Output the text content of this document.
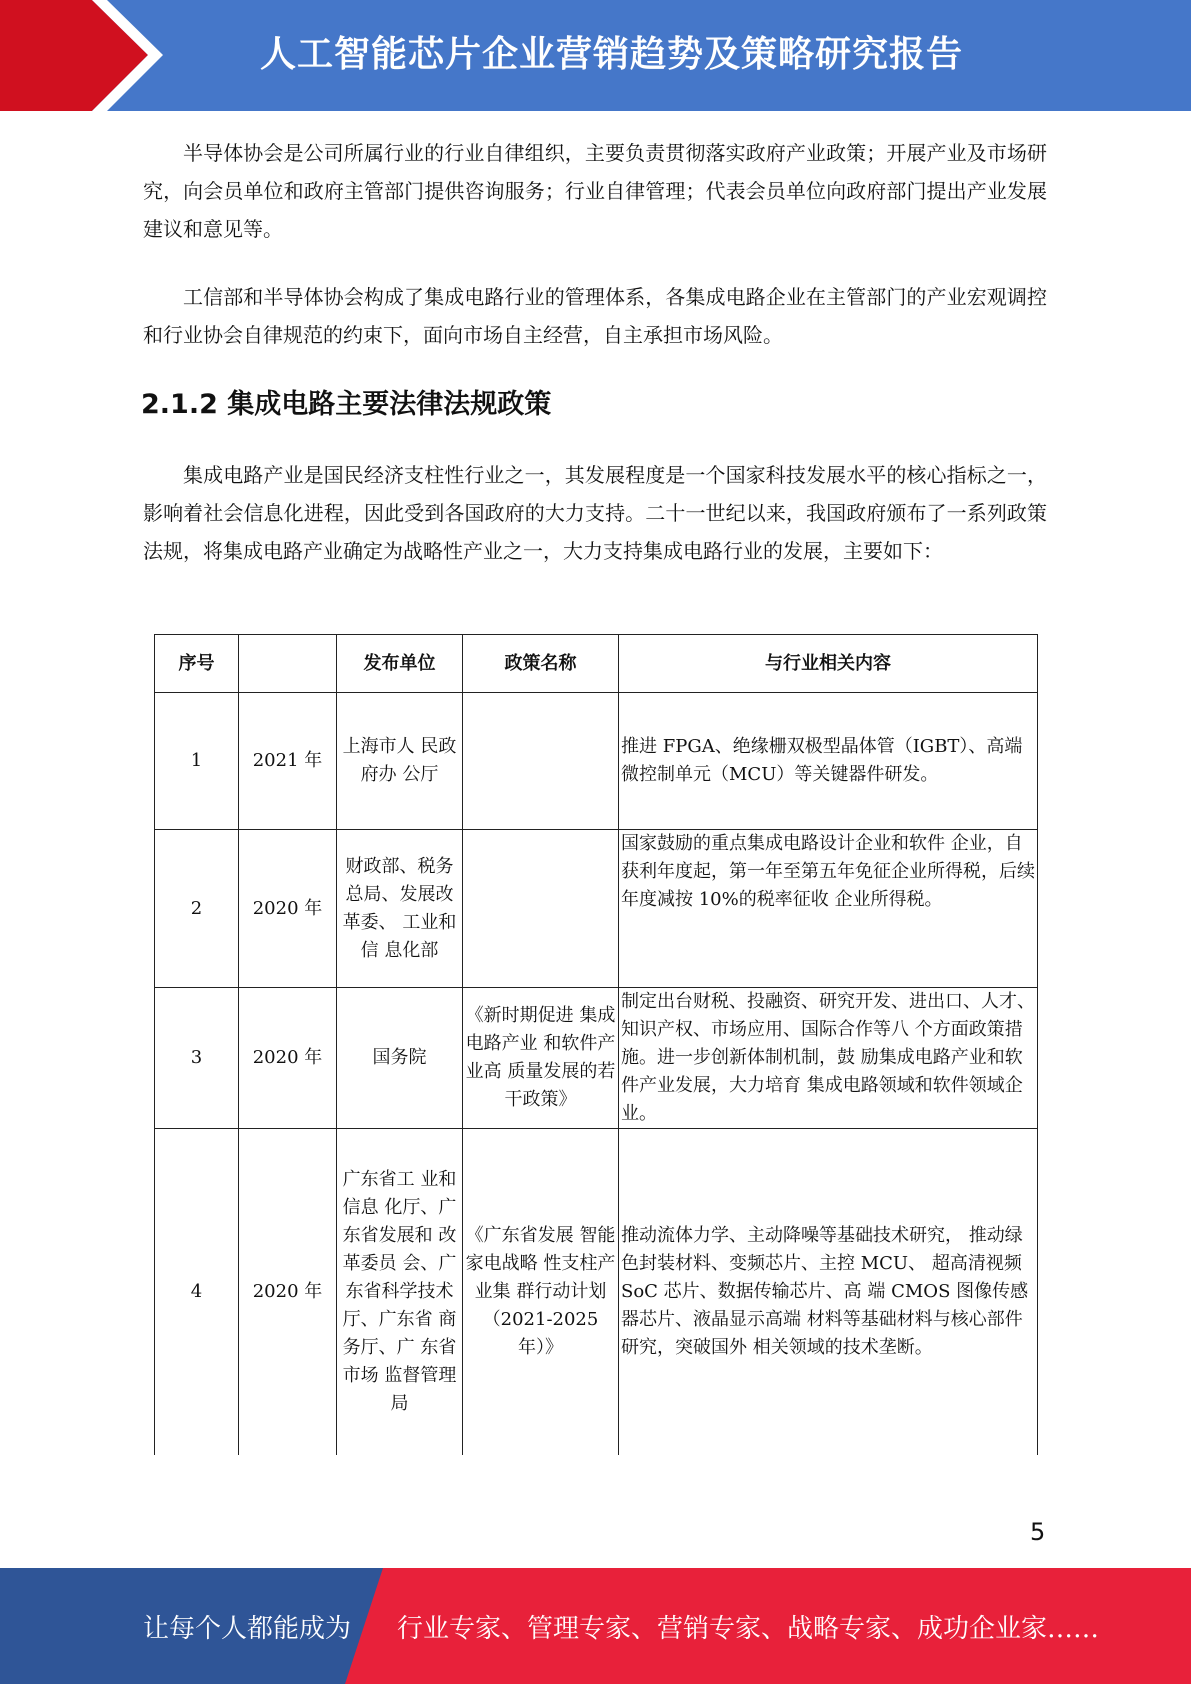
人工智能芯片企业营销趋势及策略研究报告

半导体协会是公司所属行业的行业自律组织，主要负责贯彻落实政府产业政策；开展产业及市场研究，向会员单位和政府主管部门提供咨询服务；行业自律管理；代表会员单位向政府部门提出产业发展建议和意见等。

工信部和半导体协会构成了集成电路行业的管理体系，各集成电路企业在主管部门的产业宏观调控和行业协会自律规范的约束下，面向市场自主经营，自主承担市场风险。

2.1.2 集成电路主要法律法规政策

集成电路产业是国民经济支柱性行业之一，其发展程度是一个国家科技发展水平的核心指标之一，影响着社会信息化进程，因此受到各国政府的大力支持。二十一世纪以来，我国政府颁布了一系列政策法规，将集成电路产业确定为战略性产业之一，大力支持集成电路行业的发展，主要如下：

序号		发布单位	政策名称	与行业相关内容
1	2021 年	上海市人 民政府办 公厅		推进 FPGA、绝缘栅双极型晶体管（IGBT）、高端微控制单元（MCU）等关键器件研发。
2	2020 年	财政部、税务总局、发展改革委、 工业和信 息化部		国家鼓励的重点集成电路设计企业和软件 企业，自获利年度起，第一年至第五年免征企业所得税，后续年度减按 10%的税率征收 企业所得税。
3	2020 年	国务院	《新时期促进 集成电路产业 和软件产业高 质量发展的若 干政策》	制定出台财税、投融资、研究开发、进出口、人才、知识产权、市场应用、国际合作等八 个方面政策措施。进一步创新体制机制，鼓 励集成电路产业和软件产业发展，大力培育 集成电路领域和软件领域企业。
4	2020 年	广东省工 业和信息 化厅、广东省发展和 改革委员 会、广东省科学技术 厅、广东省 商务厅、广 东省市场 监督管理 局	《广东省发展 智能家电战略 性支柱产业集 群行动计划（2021-2025 年）》	推动流体力学、主动降噪等基础技术研究， 推动绿色封装材料、变频芯片、主控 MCU、 超高清视频 SoC 芯片、数据传输芯片、高 端 CMOS 图像传感器芯片、液晶显示高端 材料等基础材料与核心部件研究，突破国外 相关领域的技术垄断。
5
让每个人都能成为 行业专家、管理专家、营销专家、战略专家、成功企业家……
